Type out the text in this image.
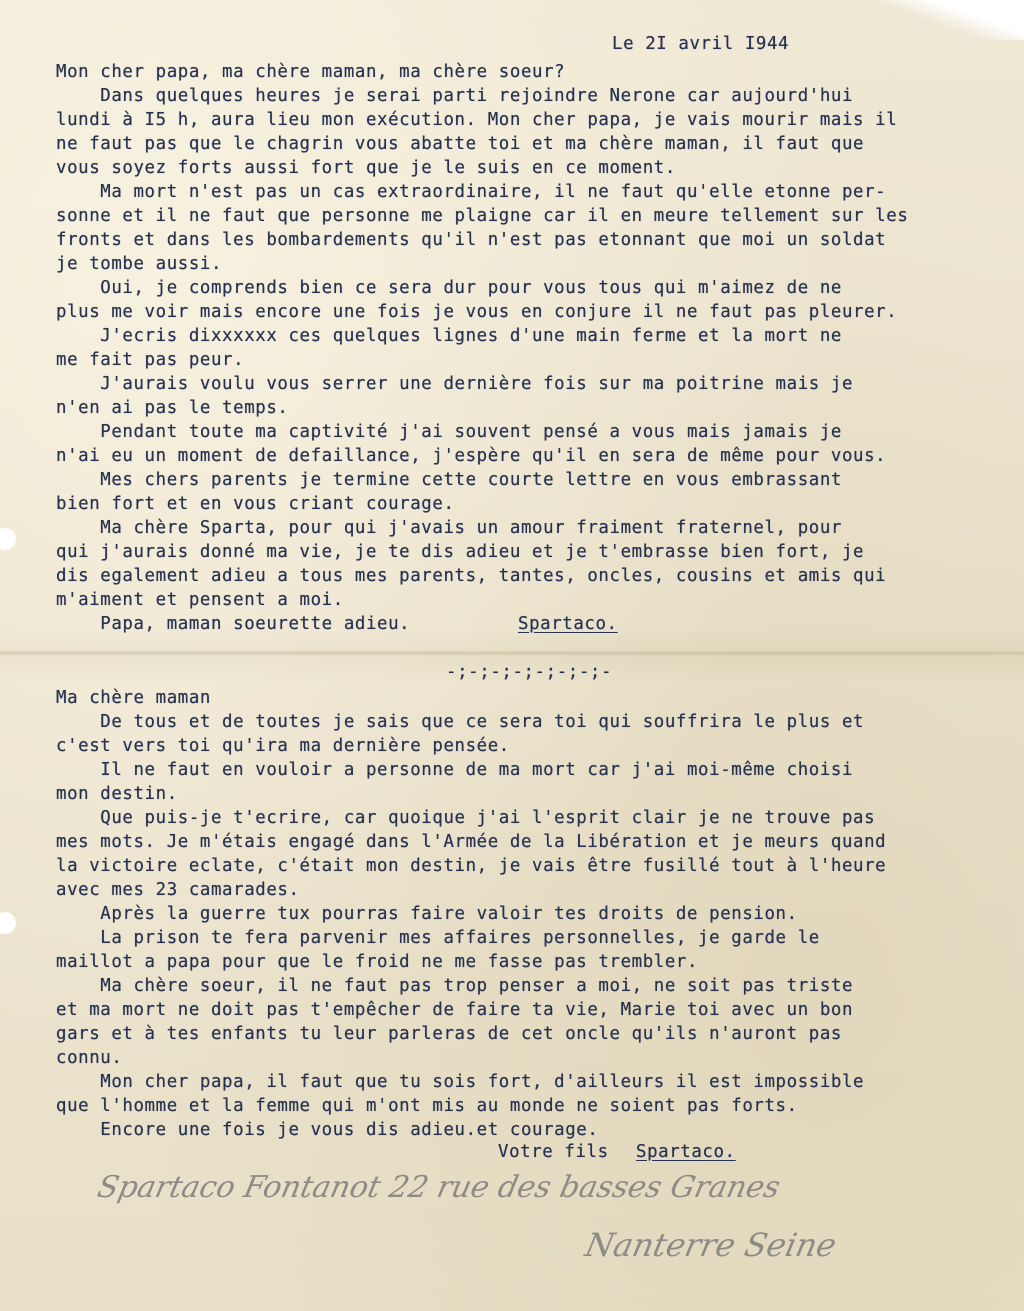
Le 2I avril I944
Mon cher papa, ma chère maman, ma chère soeur?
Dans quelques heures je serai parti rejoindre Nerone car aujourd'hui
lundi à I5 h, aura lieu mon exécution. Mon cher papa, je vais mourir mais il
ne faut pas que le chagrin vous abatte toi et ma chère maman, il faut que
vous soyez forts aussi fort que je le suis en ce moment.
Ma mort n'est pas un cas extraordinaire, il ne faut qu'elle etonne per-
sonne et il ne faut que personne me plaigne car il en meure tellement sur les
fronts et dans les bombardements qu'il n'est pas etonnant que moi un soldat
je tombe aussi.
Oui, je comprends bien ce sera dur pour vous tous qui m'aimez de ne
plus me voir mais encore une fois je vous en conjure il ne faut pas pleurer.
J'ecris dixxxxxx ces quelques lignes d'une main ferme et la mort ne
me fait pas peur.
J'aurais voulu vous serrer une dernière fois sur ma poitrine mais je
n'en ai pas le temps.
Pendant toute ma captivité j'ai souvent pensé a vous mais jamais je
n'ai eu un moment de defaillance, j'espère qu'il en sera de même pour vous.
Mes chers parents je termine cette courte lettre en vous embrassant
bien fort et en vous criant courage.
Ma chère Sparta, pour qui j'avais un amour fraiment fraternel, pour
qui j'aurais donné ma vie, je te dis adieu et je t'embrasse bien fort, je
dis egalement adieu a tous mes parents, tantes, oncles, cousins et amis qui
m'aiment et pensent a moi.
Papa, maman soeurette adieu.	Spartaco.
-;-;-;-;-;-;-;-
Ma chère maman
De tous et de toutes je sais que ce sera toi qui souffrira le plus et
c'est vers toi qu'ira ma dernière pensée.
Il ne faut en vouloir a personne de ma mort car j'ai moi-même choisi
mon destin.
Que puis-je t'ecrire, car quoique j'ai l'esprit clair je ne trouve pas
mes mots. Je m'étais engagé dans l'Armée de la Libération et je meurs quand
la victoire eclate, c'était mon destin, je vais être fusillé tout à l'heure
avec mes 23 camarades.
Après la guerre tux pourras faire valoir tes droits de pension.
La prison te fera parvenir mes affaires personnelles, je garde le
maillot a papa pour que le froid ne me fasse pas trembler.
Ma chère soeur, il ne faut pas trop penser a moi, ne soit pas triste
et ma mort ne doit pas t'empêcher de faire ta vie, Marie toi avec un bon
gars et à tes enfants tu leur parleras de cet oncle qu'ils n'auront pas
connu.
Mon cher papa, il faut que tu sois fort, d'ailleurs il est impossible
que l'homme et la femme qui m'ont mis au monde ne soient pas forts.
Encore une fois je vous dis adieu.et courage.
Votre fils Spartaco.
Spartaco Fontanot 22 rue des basses Granes
Nanterre Seine
